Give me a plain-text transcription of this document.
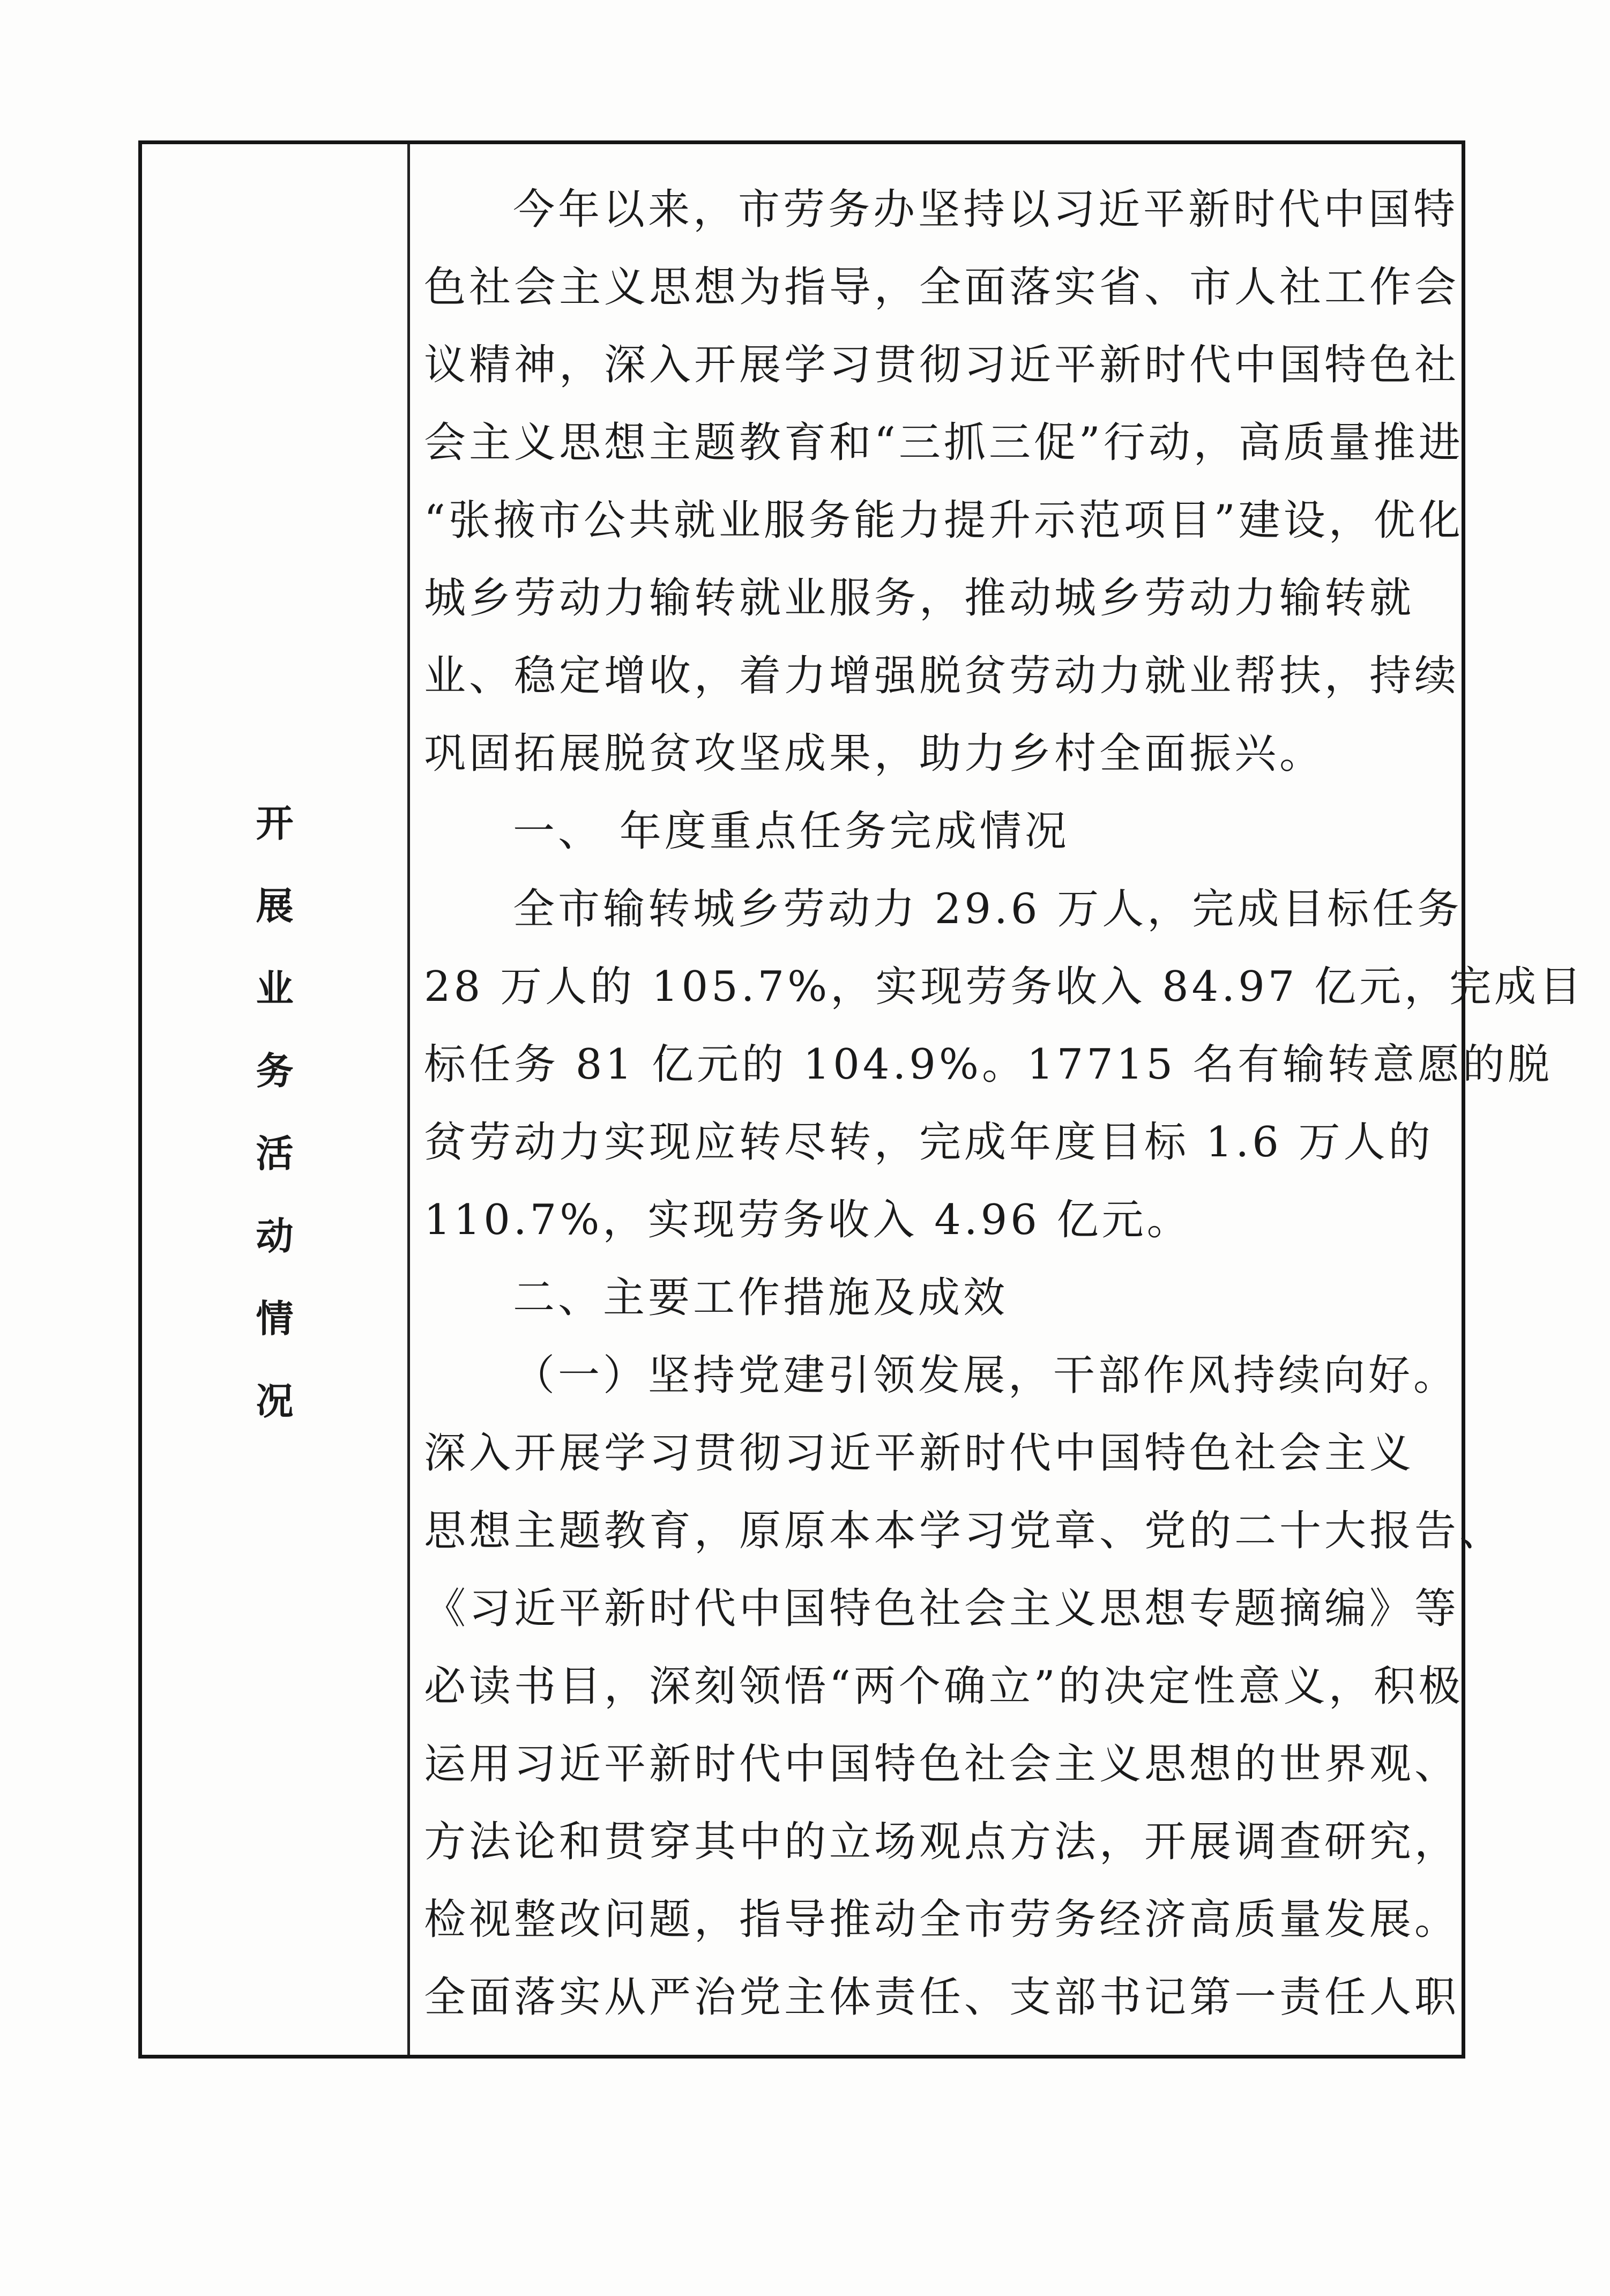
开
展
业
务
活
动
情
况
今年以来，市劳务办坚持以习近平新时代中国特
色社会主义思想为指导，全面落实省、市人社工作会
议精神，深入开展学习贯彻习近平新时代中国特色社
会主义思想主题教育和“三抓三促”行动，高质量推进
“张掖市公共就业服务能力提升示范项目”建设，优化
城乡劳动力输转就业服务，推动城乡劳动力输转就
业、稳定增收，着力增强脱贫劳动力就业帮扶，持续
巩固拓展脱贫攻坚成果，助力乡村全面振兴。
一、 年度重点任务完成情况
全市输转城乡劳动力 29.6 万人，完成目标任务
28 万人的 105.7%，实现劳务收入 84.97 亿元，完成目
标任务 81 亿元的 104.9%。17715 名有输转意愿的脱
贫劳动力实现应转尽转，完成年度目标 1.6 万人的
110.7%，实现劳务收入 4.96 亿元。
二、主要工作措施及成效
（一）坚持党建引领发展，干部作风持续向好。
深入开展学习贯彻习近平新时代中国特色社会主义
思想主题教育，原原本本学习党章、党的二十大报告、
《习近平新时代中国特色社会主义思想专题摘编》等
必读书目，深刻领悟“两个确立”的决定性意义，积极
运用习近平新时代中国特色社会主义思想的世界观、
方法论和贯穿其中的立场观点方法，开展调查研究，
检视整改问题，指导推动全市劳务经济高质量发展。
全面落实从严治党主体责任、支部书记第一责任人职
